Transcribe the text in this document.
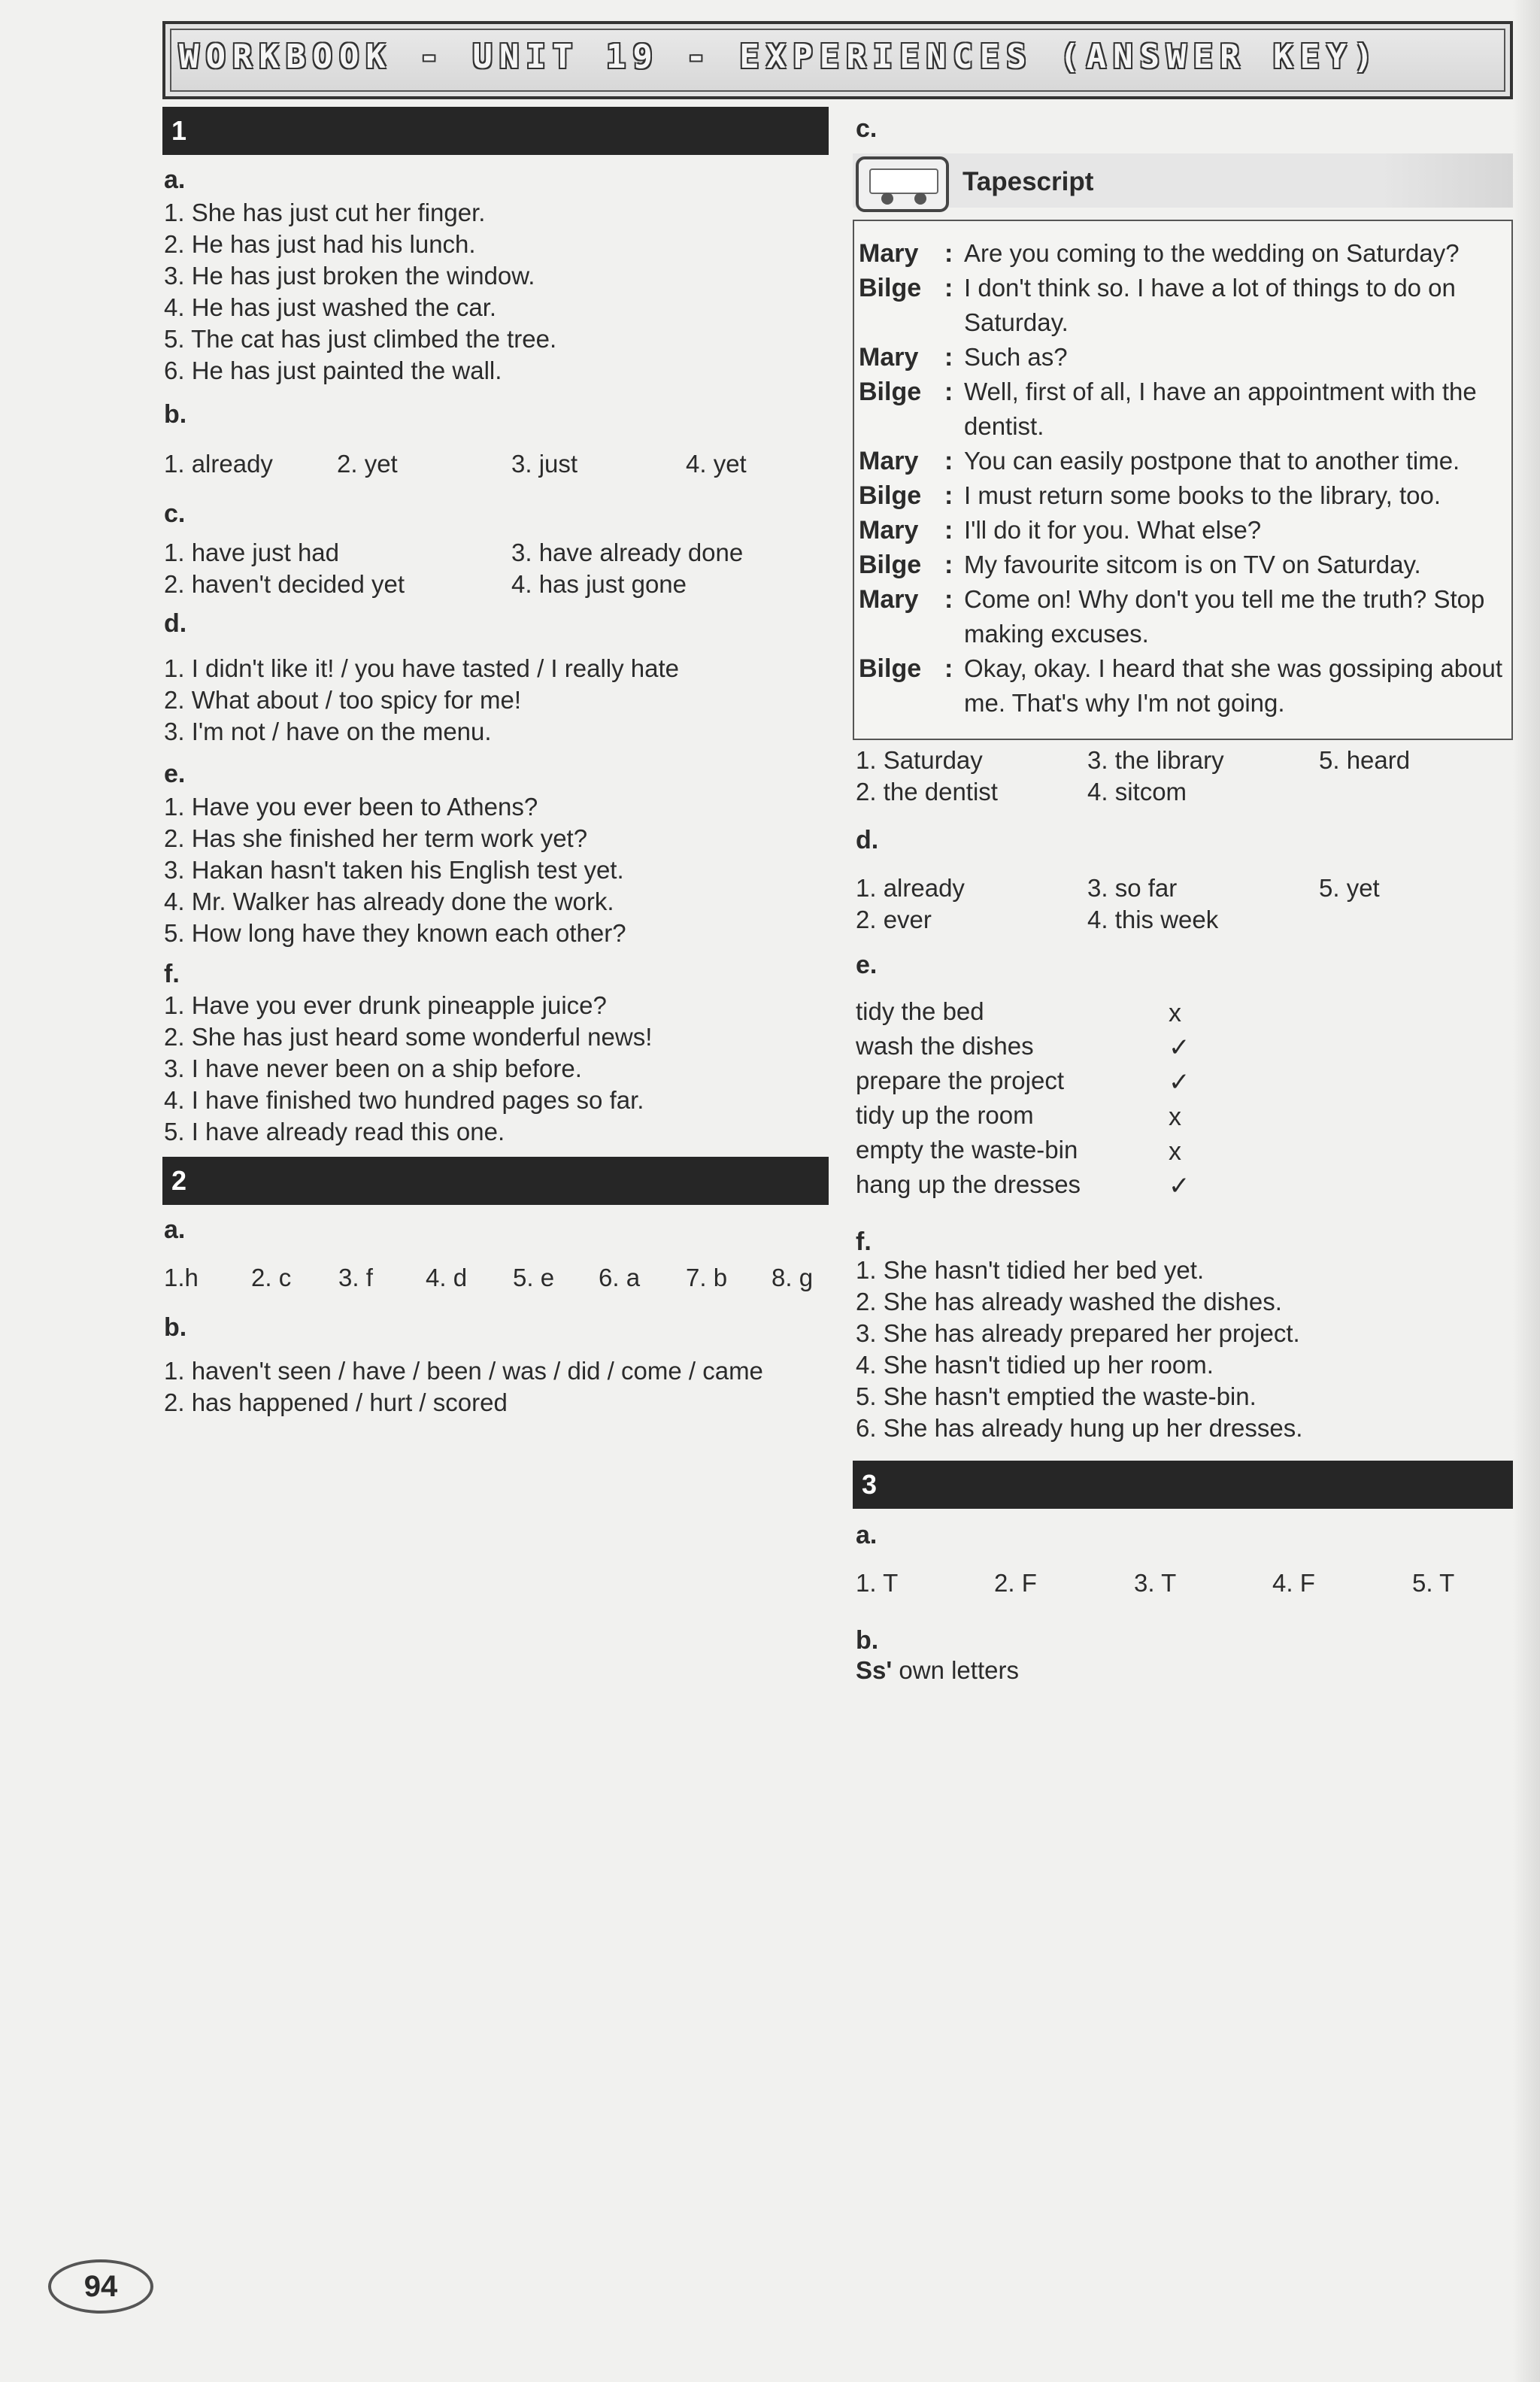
WORKBOOK - UNIT 19 - EXPERIENCES (ANSWER KEY)
1
a.
1. She has just cut her finger.
2. He has just had his lunch.
3. He has just broken the window.
4. He has just washed the car.
5. The cat has just climbed the tree.
6. He has just painted the wall.
b.
1. already	2. yet	3. just	4. yet
c.
1. have just had	3. have already done
2. haven't decided yet	4. has just gone
d.
1. I didn't like it! / you have tasted / I really hate
2. What about / too spicy for me!
3. I'm not / have on the menu.
e.
1. Have you ever been to Athens?
2. Has she finished her term work yet?
3. Hakan hasn't taken his English test yet.
4. Mr. Walker has already done the work.
5. How long have they known each other?
f.
1. Have you ever drunk pineapple juice?
2. She has just heard some wonderful news!
3. I have never been on a ship before.
4. I have finished two hundred pages so far.
5. I have already read this one.
2
a.
1.h 2. c 3. f 4. d 5. e 6. a 7. b 8. g
b.
1. haven't seen / have / been / was / did / come / came
2. has happened / hurt / scored
c.
Tapescript
Mary : Are you coming to the wedding on Saturday?
Bilge : I don't think so. I have a lot of things to do on Saturday.
Mary : Such as?
Bilge : Well, first of all, I have an appointment with the dentist.
Mary : You can easily postpone that to another time.
Bilge : I must return some books to the library, too.
Mary : I'll do it for you. What else?
Bilge : My favourite sitcom is on TV on Saturday.
Mary : Come on! Why don't you tell me the truth? Stop making excuses.
Bilge : Okay, okay. I heard that she was gossiping about me. That's why I'm not going.
1. Saturday	3. the library	5. heard
2. the dentist	4. sitcom
d.
1. already	3. so far	5. yet
2. ever	4. this week
e.
tidy the bed	x
wash the dishes	✓
prepare the project	✓
tidy up the room	x
empty the waste-bin	x
hang up the dresses	✓
f.
1. She hasn't tidied her bed yet.
2. She has already washed the dishes.
3. She has already prepared her project.
4. She hasn't tidied up her room.
5. She hasn't emptied the waste-bin.
6. She has already hung up her dresses.
3
a.
1. T	2. F	3. T	4. F	5. T
b.
Ss' own letters
94
